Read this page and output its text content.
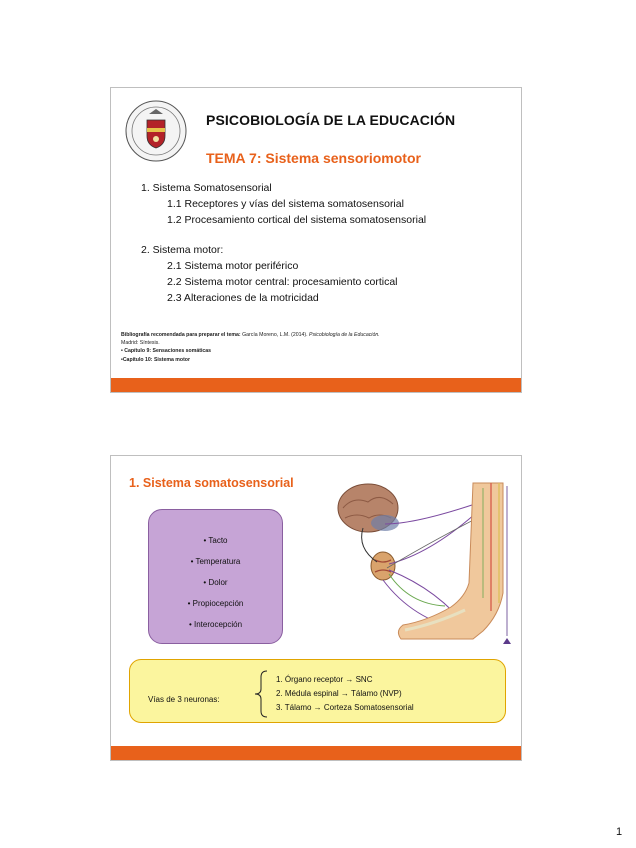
PSICOBIOLOGÍA DE LA EDUCACIÓN
TEMA 7: Sistema sensoriomotor
1. Sistema Somatosensorial
1.1 Receptores y vías del sistema somatosensorial
1.2 Procesamiento cortical del sistema somatosensorial
2. Sistema motor:
2.1 Sistema motor periférico
2.2 Sistema motor central: procesamiento cortical
2.3 Alteraciones de la motricidad
Bibliografía recomendada para preparar el tema: García Moreno, L.M. (2014). Psicobiología de la Educación.
Madrid: Síntesis.
• Capítulo 9: Sensaciones somáticas
•Capítulo 10: Sistema motor
1. Sistema somatosensorial
• Tacto
• Temperatura
• Dolor
• Propiocepción
• Interocepción
Vías de 3 neuronas:
1. Órgano receptor → SNC
2. Médula espinal → Tálamo (NVP)
3. Tálamo → Corteza Somatosensorial
1
